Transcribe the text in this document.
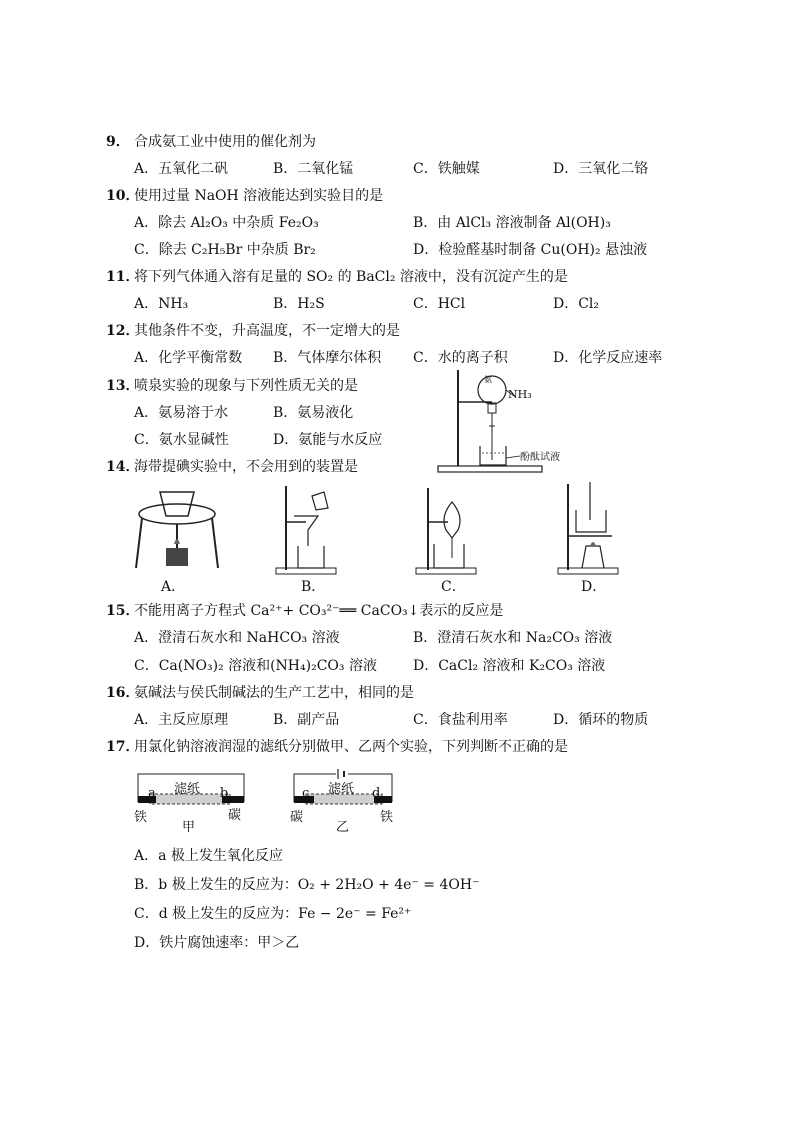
9． 合成氨工业中使用的催化剂为
A．五氧化二矾	B．二氧化锰	C．铁触媒	D．三氧化二铬
10．
使用过量 NaOH 溶液能达到实验目的是
A．除去 Al₂O₃ 中杂质 Fe₂O₃	B．由 AlCl₃ 溶液制备 Al(OH)₃
C．除去 C₂H₅Br 中杂质 Br₂	D．检验醛基时制备 Cu(OH)₂ 悬浊液
11．
将下列气体通入溶有足量的 SO₂ 的 BaCl₂ 溶液中，没有沉淀产生的是
A．NH₃	B．H₂S	C．HCl	D．Cl₂
12．
其他条件不变，升高温度，不一定增大的是
A．化学平衡常数 B．气体摩尔体积 C．水的离子积	D．化学反应速率
13．
喷泉实验的现象与下列性质无关的是
A．氨易溶于水	B．氨易液化
C．氨水显碱性	D．氨能与水反应
氨
NH₃
酚酞试液
14．
海带提碘实验中，不会用到的装置是
A．	B．	C．	D．
15．
不能用离子方程式 Ca²⁺+ CO₃²⁻══ CaCO₃↓表示的反应是
A．澄清石灰水和 NaHCO₃ 溶液	B．澄清石灰水和 Na₂CO₃ 溶液
C．Ca(NO₃)₂ 溶液和(NH₄)₂CO₃ 溶液	D．CaCl₂ 溶液和 K₂CO₃ 溶液
16．
氨碱法与侯氏制碱法的生产工艺中，相同的是
A．主反应原理	B．副产品	C．食盐利用率	D．循环的物质
17．
用氯化钠溶液润湿的滤纸分别做甲、乙两个实验，下列判断不正确的是
滤纸
a	b
铁	碳
甲
滤纸
c	d
碳	铁
乙
A．a 极上发生氧化反应
B．b 极上发生的反应为：O₂ + 2H₂O + 4e⁻ = 4OH⁻
C．d 极上发生的反应为：Fe − 2e⁻ = Fe²⁺
D．铁片腐蚀速率：甲＞乙
